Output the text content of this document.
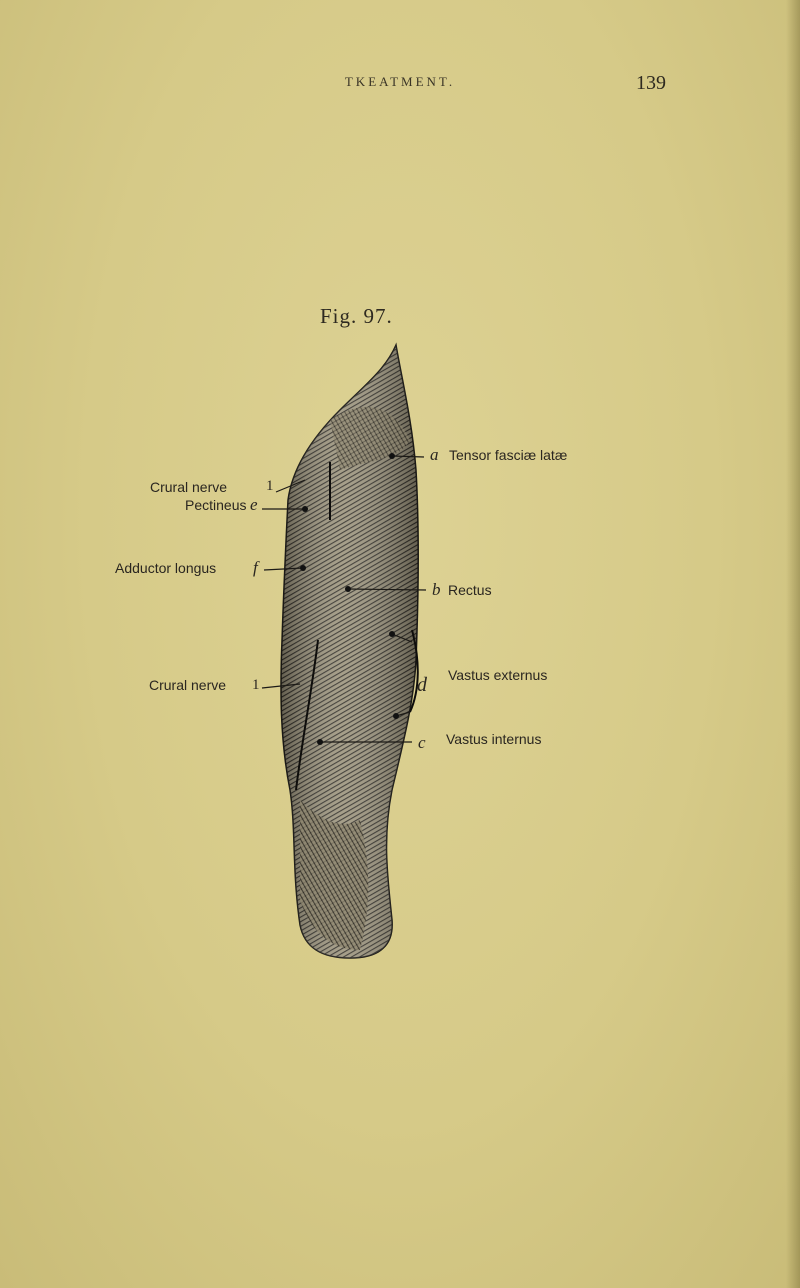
TKEATMENT.	139
Fig. 97.
Crural nerve	1
Pectineus e
Adductor longus f
Crural nerve 1
a Tensor fasciæ latæ
b Rectus
d Vastus externus
c Vastus internus
